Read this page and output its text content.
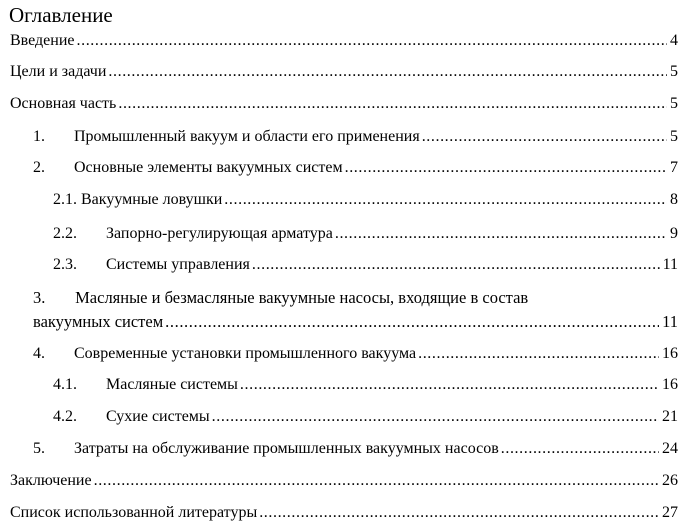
Оглавление
Введение .....	4
Цели и задачи .....	5
Основная часть .....	5
1.	Промышленный вакуум и области его применения .....	5
2.	Основные элементы вакуумных систем .....	7
2.1. Вакуумные ловушки .....	8
2.2.	Запорно-регулирующая арматура .....	9
2.3.	Системы управления .....	11
3. Масляные и безмасляные вакуумные насосы, входящие в состав
вакуумных систем .....	11
4.	Современные установки промышленного вакуума .....	16
4.1.	Масляные системы .....	16
4.2.	Сухие системы .....	21
5.	Затраты на обслуживание промышленных вакуумных насосов .....	24
Заключение .....	26
Список использованной литературы .....	27
